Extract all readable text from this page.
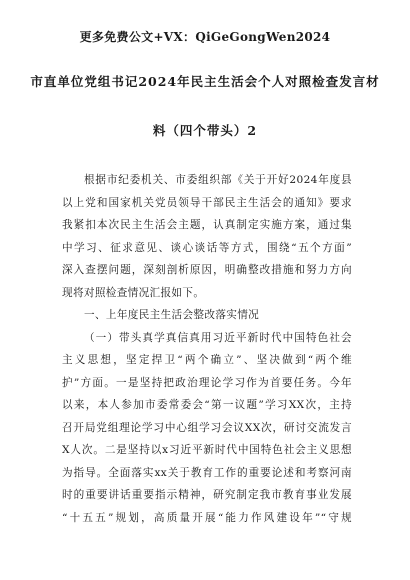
更多免费公文+VX：QiGeGongWen2024
市直单位党组书记2024年民主生活会个人对照检查发言材
料（四个带头）2
根据市纪委机关、市委组织部《关于开好2024年度县
以上党和国家机关党员领导干部民主生活会的通知》要求
我紧扣本次民主生活会主题，认真制定实施方案，通过集
中学习、征求意见、谈心谈话等方式，围绕“五个方面”
深入查摆问题，深刻剖析原因，明确整改措施和努力方向
现将对照检查情况汇报如下。
一、上年度民主生活会整改落实情况
（一）带头真学真信真用习近平新时代中国特色社会
主义思想，坚定捍卫“两个确立”、坚决做到“两个维
护”方面。一是坚持把政治理论学习作为首要任务。今年
以来，本人参加市委常委会“第一议题”学习XX次，主持
召开局党组理论学习中心组学习会议XX次，研讨交流发言
X人次。二是坚持以x习近平新时代中国特色社会主义思想
为指导。全面落实xx关于教育工作的重要论述和考察河南
时的重要讲话重要指示精神，研究制定我市教育事业发展
“十五五”规划，高质量开展“能力作风建设年”“守规
